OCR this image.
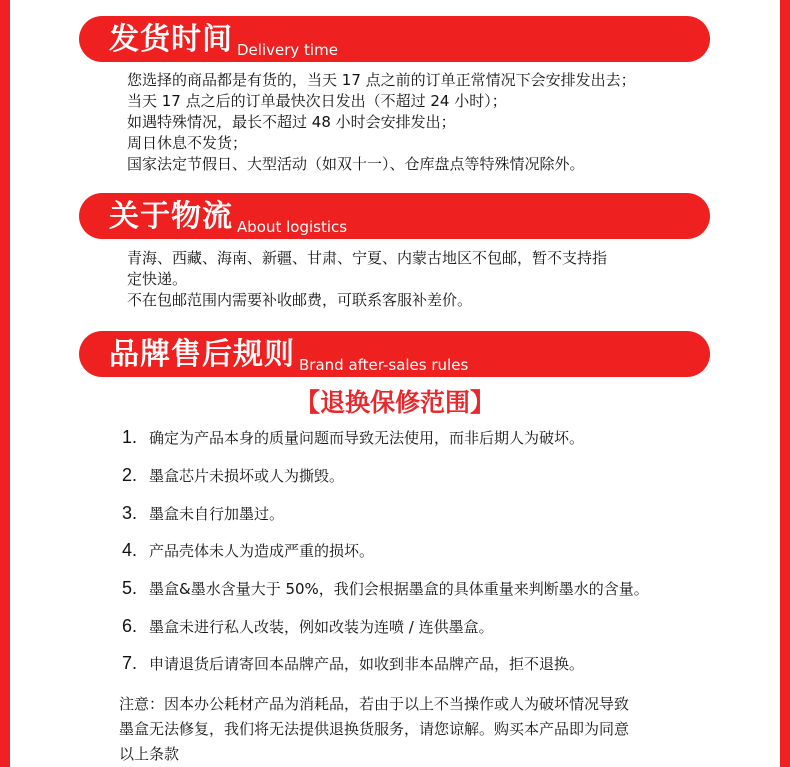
发货时间 Delivery time
您选择的商品都是有货的，当天 17 点之前的订单正常情况下会安排发出去；
当天 17 点之后的订单最快次日发出（不超过 24 小时）；
如遇特殊情况，最长不超过 48 小时会安排发出；
周日休息不发货；
国家法定节假日、大型活动（如双十一）、仓库盘点等特殊情况除外。
关于物流 About logistics
青海、西藏、海南、新疆、甘肃、宁夏、内蒙古地区不包邮，暂不支持指
定快递。
不在包邮范围内需要补收邮费，可联系客服补差价。
品牌售后规则 Brand after-sales rules
【退换保修范围】
1. 确定为产品本身的质量问题而导致无法使用，而非后期人为破坏。
2. 墨盒芯片未损坏或人为撕毁。
3. 墨盒未自行加墨过。
4. 产品壳体未人为造成严重的损坏。
5. 墨盒&墨水含量大于 50%，我们会根据墨盒的具体重量来判断墨水的含量。
6. 墨盒未进行私人改装，例如改装为连喷 / 连供墨盒。
7. 申请退货后请寄回本品牌产品，如收到非本品牌产品，拒不退换。
注意：因本办公耗材产品为消耗品，若由于以上不当操作或人为破坏情况导致
墨盒无法修复，我们将无法提供退换货服务，请您谅解。购买本产品即为同意
以上条款
